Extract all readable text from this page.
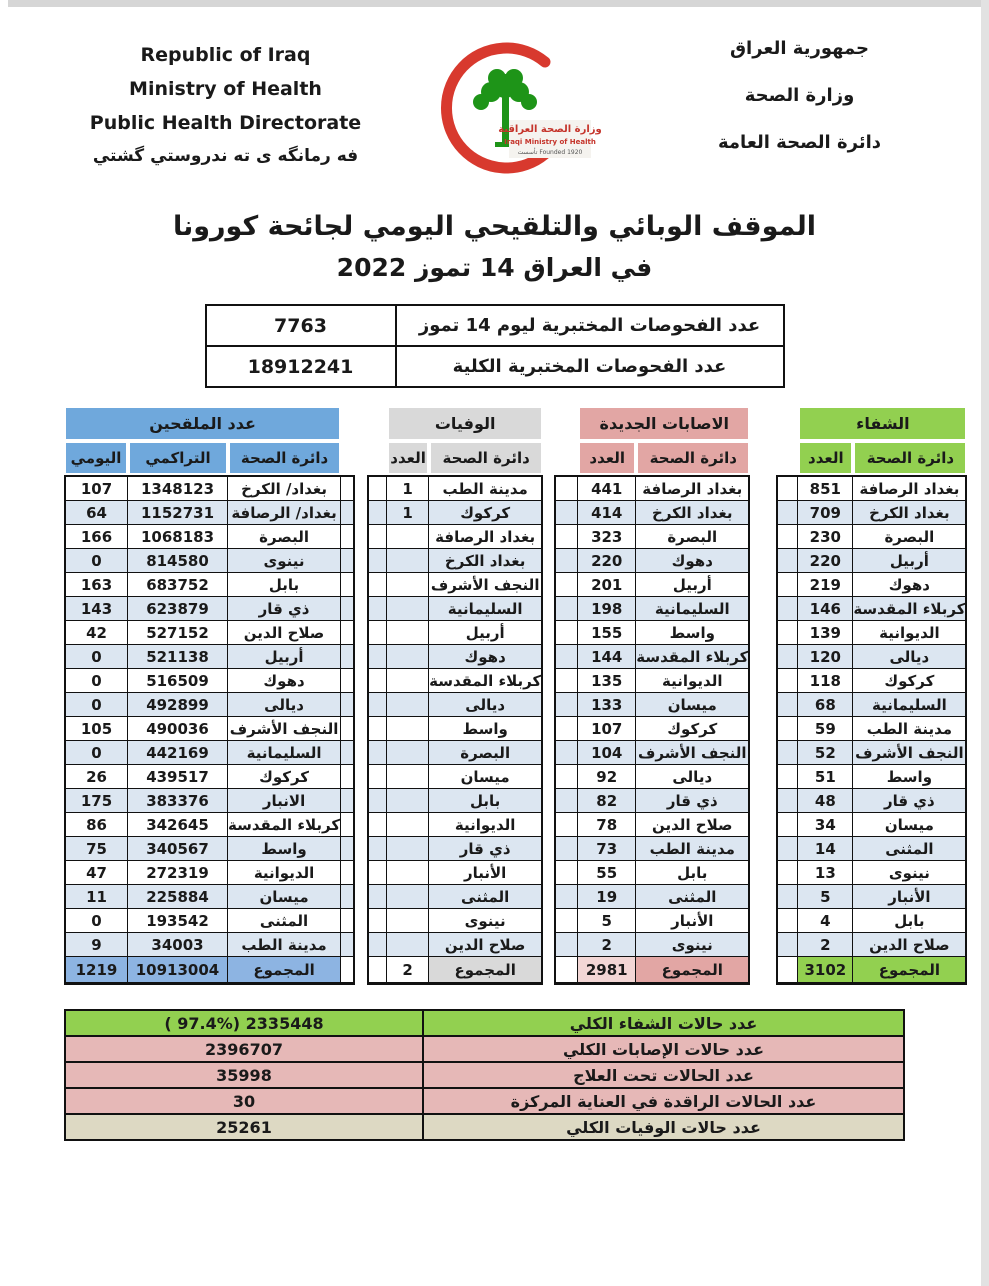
Republic of Iraq
Ministry of Health
Public Health Directorate
فه رمانگه ى ته ندروستي گشتي
وزارة الصحة العراقية
Iraqi Ministry of Health
تأسست Founded 1920
جمهورية العراق
وزارة الصحة
دائرة الصحة العامة
الموقف الوبائي والتلقيحي اليومي لجائحة كورونا
في العراق 14 تموز 2022
7763	عدد الفحوصات المختبرية ليوم 14 تموز
18912241	عدد الفحوصات المختبرية الكلية
عدد الملقحين			
اليومي	التراكمي	دائرة الصحة	
107	1348123	بغداد/ الكرخ	
64	1152731	بغداد/ الرصافة	
166	1068183	البصرة	
0	814580	نينوى	
163	683752	بابل	
143	623879	ذي قار	
42	527152	صلاح الدين	
0	521138	أربيل	
0	516509	دهوك	
0	492899	ديالى	
105	490036	النجف الأشرف	
0	442169	السليمانية	
26	439517	كركوك	
175	383376	الانبار	
86	342645	كربلاء المقدسة	
75	340567	واسط	
47	272319	الديوانية	
11	225884	ميسان	
0	193542	المثنى	
9	34003	مدينة الطب	
1219	10913004	المجموع	
	الوفيات	
	العدد	دائرة الصحة
	1	مدينة الطب
	1	كركوك
		بغداد الرصافة
		بغداد الكرخ
		النجف الأشرف
		السليمانية
		أربيل
		دهوك
		كربلاء المقدسة
		ديالى
		واسط
		البصرة
		ميسان
		بابل
		الديوانية
		ذي قار
		الأنبار
		المثنى
		نينوى
		صلاح الدين
	2	المجموع
	الاصابات الجديدة	
	العدد	دائرة الصحة
	441	بغداد الرصافة
	414	بغداد الكرخ
	323	البصرة
	220	دهوك
	201	أربيل
	198	السليمانية
	155	واسط
	144	كربلاء المقدسة
	135	الديوانية
	133	ميسان
	107	كركوك
	104	النجف الأشرف
	92	ديالى
	82	ذي قار
	78	صلاح الدين
	73	مدينة الطب
	55	بابل
	19	المثنى
	5	الأنبار
	2	نينوى
	2981	المجموع
	الشفاء	
	العدد	دائرة الصحة
	851	بغداد الرصافة
	709	بغداد الكرخ
	230	البصرة
	220	أربيل
	219	دهوك
	146	كربلاء المقدسة
	139	الديوانية
	120	ديالى
	118	كركوك
	68	السليمانية
	59	مدينة الطب
	52	النجف الأشرف
	51	واسط
	48	ذي قار
	34	ميسان
	14	المثنى
	13	نينوى
	5	الأنبار
	4	بابل
	2	صلاح الدين
	3102	المجموع
( 97.4%) 2335448	عدد حالات الشفاء الكلي
2396707	عدد حالات الإصابات الكلي
35998	عدد الحالات تحت العلاج
30	عدد الحالات الراقدة في العناية المركزة
25261	عدد حالات الوفيات الكلي
